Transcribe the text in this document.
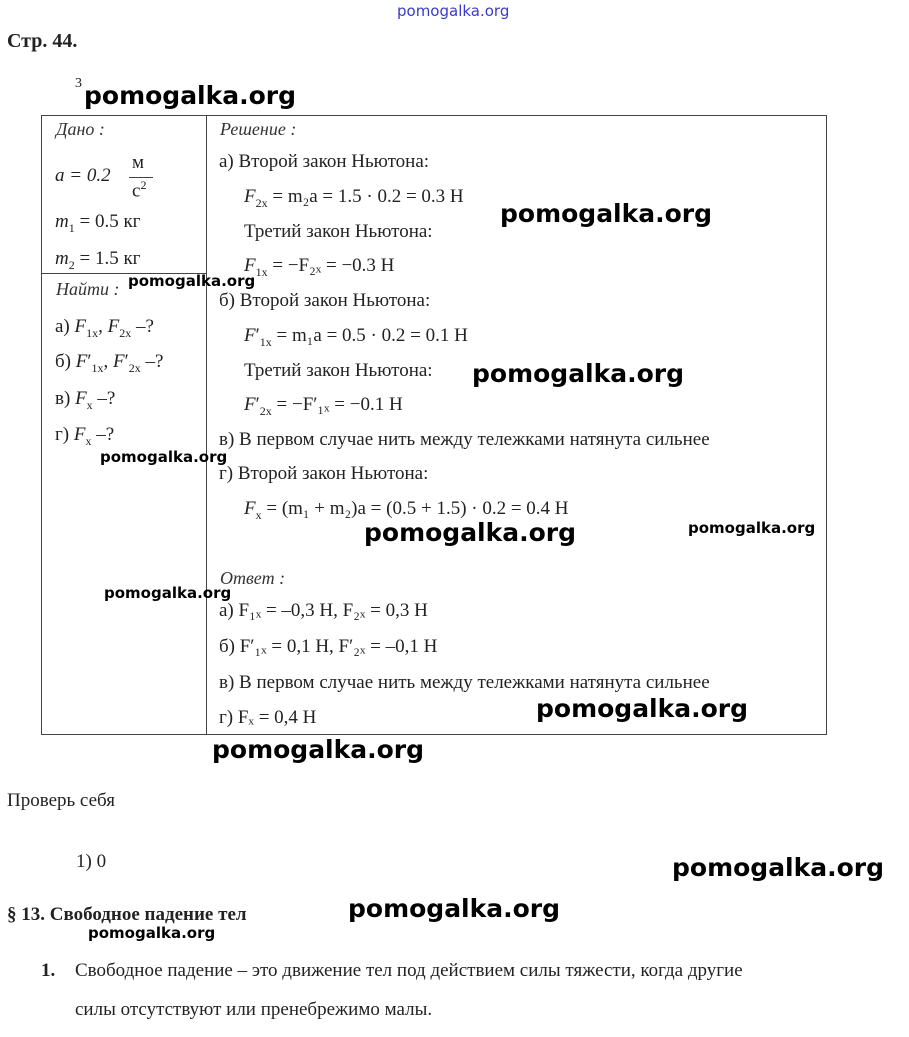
pomogalka.org
Стр. 44.
3 pomogalka.org
Дано :
a = 0.2
м
$с^2$
$m_1 = 0.5$ кг
$m_2 = 1.5$ кг
Найти : pomogalka.org
а) $F_{1x}$, $F_{2x}$ –?
б) $F'_{1x}$, $F'_{2x}$ –?
в) $F_x$ –?
г) $F_x$ –?
pomogalka.org
Решение :
а) Второй закон Ньютона:
$F_{2x} = m_2a = 1.5 \cdot 0.2 = 0.3$ Н
pomogalka.org
Третий закон Ньютона:
$F_{1x} = -F_{2x} = -0.3$ Н
б) Второй закон Ньютона:
$F'_{1x} = m_1a = 0.5 \cdot 0.2 = 0.1$ Н
Третий закон Ньютона: pomogalka.org
$F'_{2x} = -F'_{1x} = -0.1$ Н
в) В первом случае нить между тележками натянута сильнее
г) Второй закон Ньютона:
$F_x = (m_1 + m_2)a = (0.5 + 1.5) \cdot 0.2 = 0.4$ Н
pomogalka.org	pomogalka.org
Ответ :
pomogalka.org
а) F₁ₓ = –0,3 Н, F₂ₓ = 0,3 Н
б) F′₁ₓ = 0,1 Н, F′₂ₓ = –0,1 Н
в) В первом случае нить между тележками натянута сильнее
г) Fₓ = 0,4 Н	pomogalka.org
pomogalka.org
Проверь себя
1) 0	pomogalka.org
§ 13. Свободное падение тел	pomogalka.org
pomogalka.org
1. Свободное падение – это движение тел под действием силы тяжести, когда другие
силы отсутствуют или пренебрежимо малы.
